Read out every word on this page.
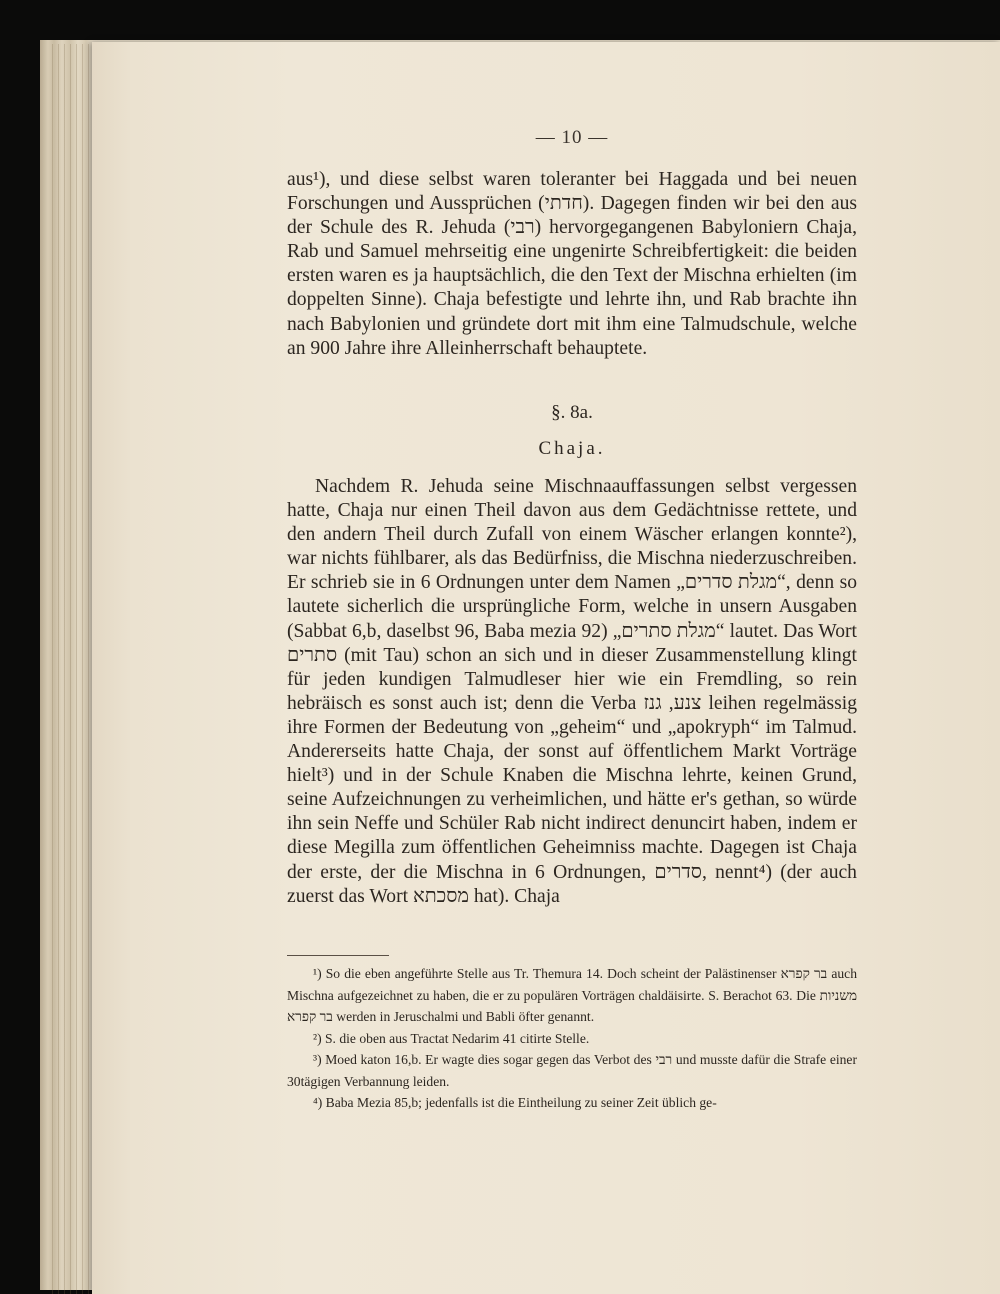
— 10 —
aus¹), und diese selbst waren toleranter bei Haggada und bei neuen Forschungen und Aussprüchen (חדתי). Dagegen finden wir bei den aus der Schule des R. Jehuda (רבי) hervorgegangenen Babyloniern Chaja, Rab und Samuel mehrseitig eine ungenirte Schreibfertigkeit: die beiden ersten waren es ja hauptsächlich, die den Text der Mischna erhielten (im doppelten Sinne). Chaja befestigte und lehrte ihn, und Rab brachte ihn nach Babylonien und gründete dort mit ihm eine Talmudschule, welche an 900 Jahre ihre Alleinherrschaft behauptete.
§. 8a.
Chaja.
Nachdem R. Jehuda seine Mischnaauffassungen selbst vergessen hatte, Chaja nur einen Theil davon aus dem Gedächtnisse rettete, und den andern Theil durch Zufall von einem Wäscher erlangen konnte²), war nichts fühlbarer, als das Bedürfniss, die Mischna niederzuschreiben. Er schrieb sie in 6 Ordnungen unter dem Namen „מגלת סדרים“, denn so lautete sicherlich die ursprüngliche Form, welche in unsern Ausgaben (Sabbat 6,b, daselbst 96, Baba mezia 92) „מגלת סתרים“ lautet. Das Wort סתרים (mit Tau) schon an sich und in dieser Zusammenstellung klingt für jeden kundigen Talmudleser hier wie ein Fremdling, so rein hebräisch es sonst auch ist; denn die Verba צנע, גנז leihen regelmässig ihre Formen der Bedeutung von „geheim“ und „apokryph“ im Talmud. Andererseits hatte Chaja, der sonst auf öffentlichem Markt Vorträge hielt³) und in der Schule Knaben die Mischna lehrte, keinen Grund, seine Aufzeichnungen zu verheimlichen, und hätte er's gethan, so würde ihn sein Neffe und Schüler Rab nicht indirect denuncirt haben, indem er diese Megilla zum öffentlichen Geheimniss machte. Dagegen ist Chaja der erste, der die Mischna in 6 Ordnungen, סדרים, nennt⁴) (der auch zuerst das Wort מסכתא hat). Chaja

¹) So die eben angeführte Stelle aus Tr. Themura 14. Doch scheint der Palästinenser בר קפרא auch Mischna aufgezeichnet zu haben, die er zu populären Vorträgen chaldäisirte. S. Berachot 63. Die משניות בר קפרא werden in Jeruschalmi und Babli öfter genannt.

²) S. die oben aus Tractat Nedarim 41 citirte Stelle.

³) Moed katon 16,b. Er wagte dies sogar gegen das Verbot des רבי und musste dafür die Strafe einer 30tägigen Verbannung leiden.

⁴) Baba Mezia 85,b; jedenfalls ist die Eintheilung zu seiner Zeit üblich ge-
